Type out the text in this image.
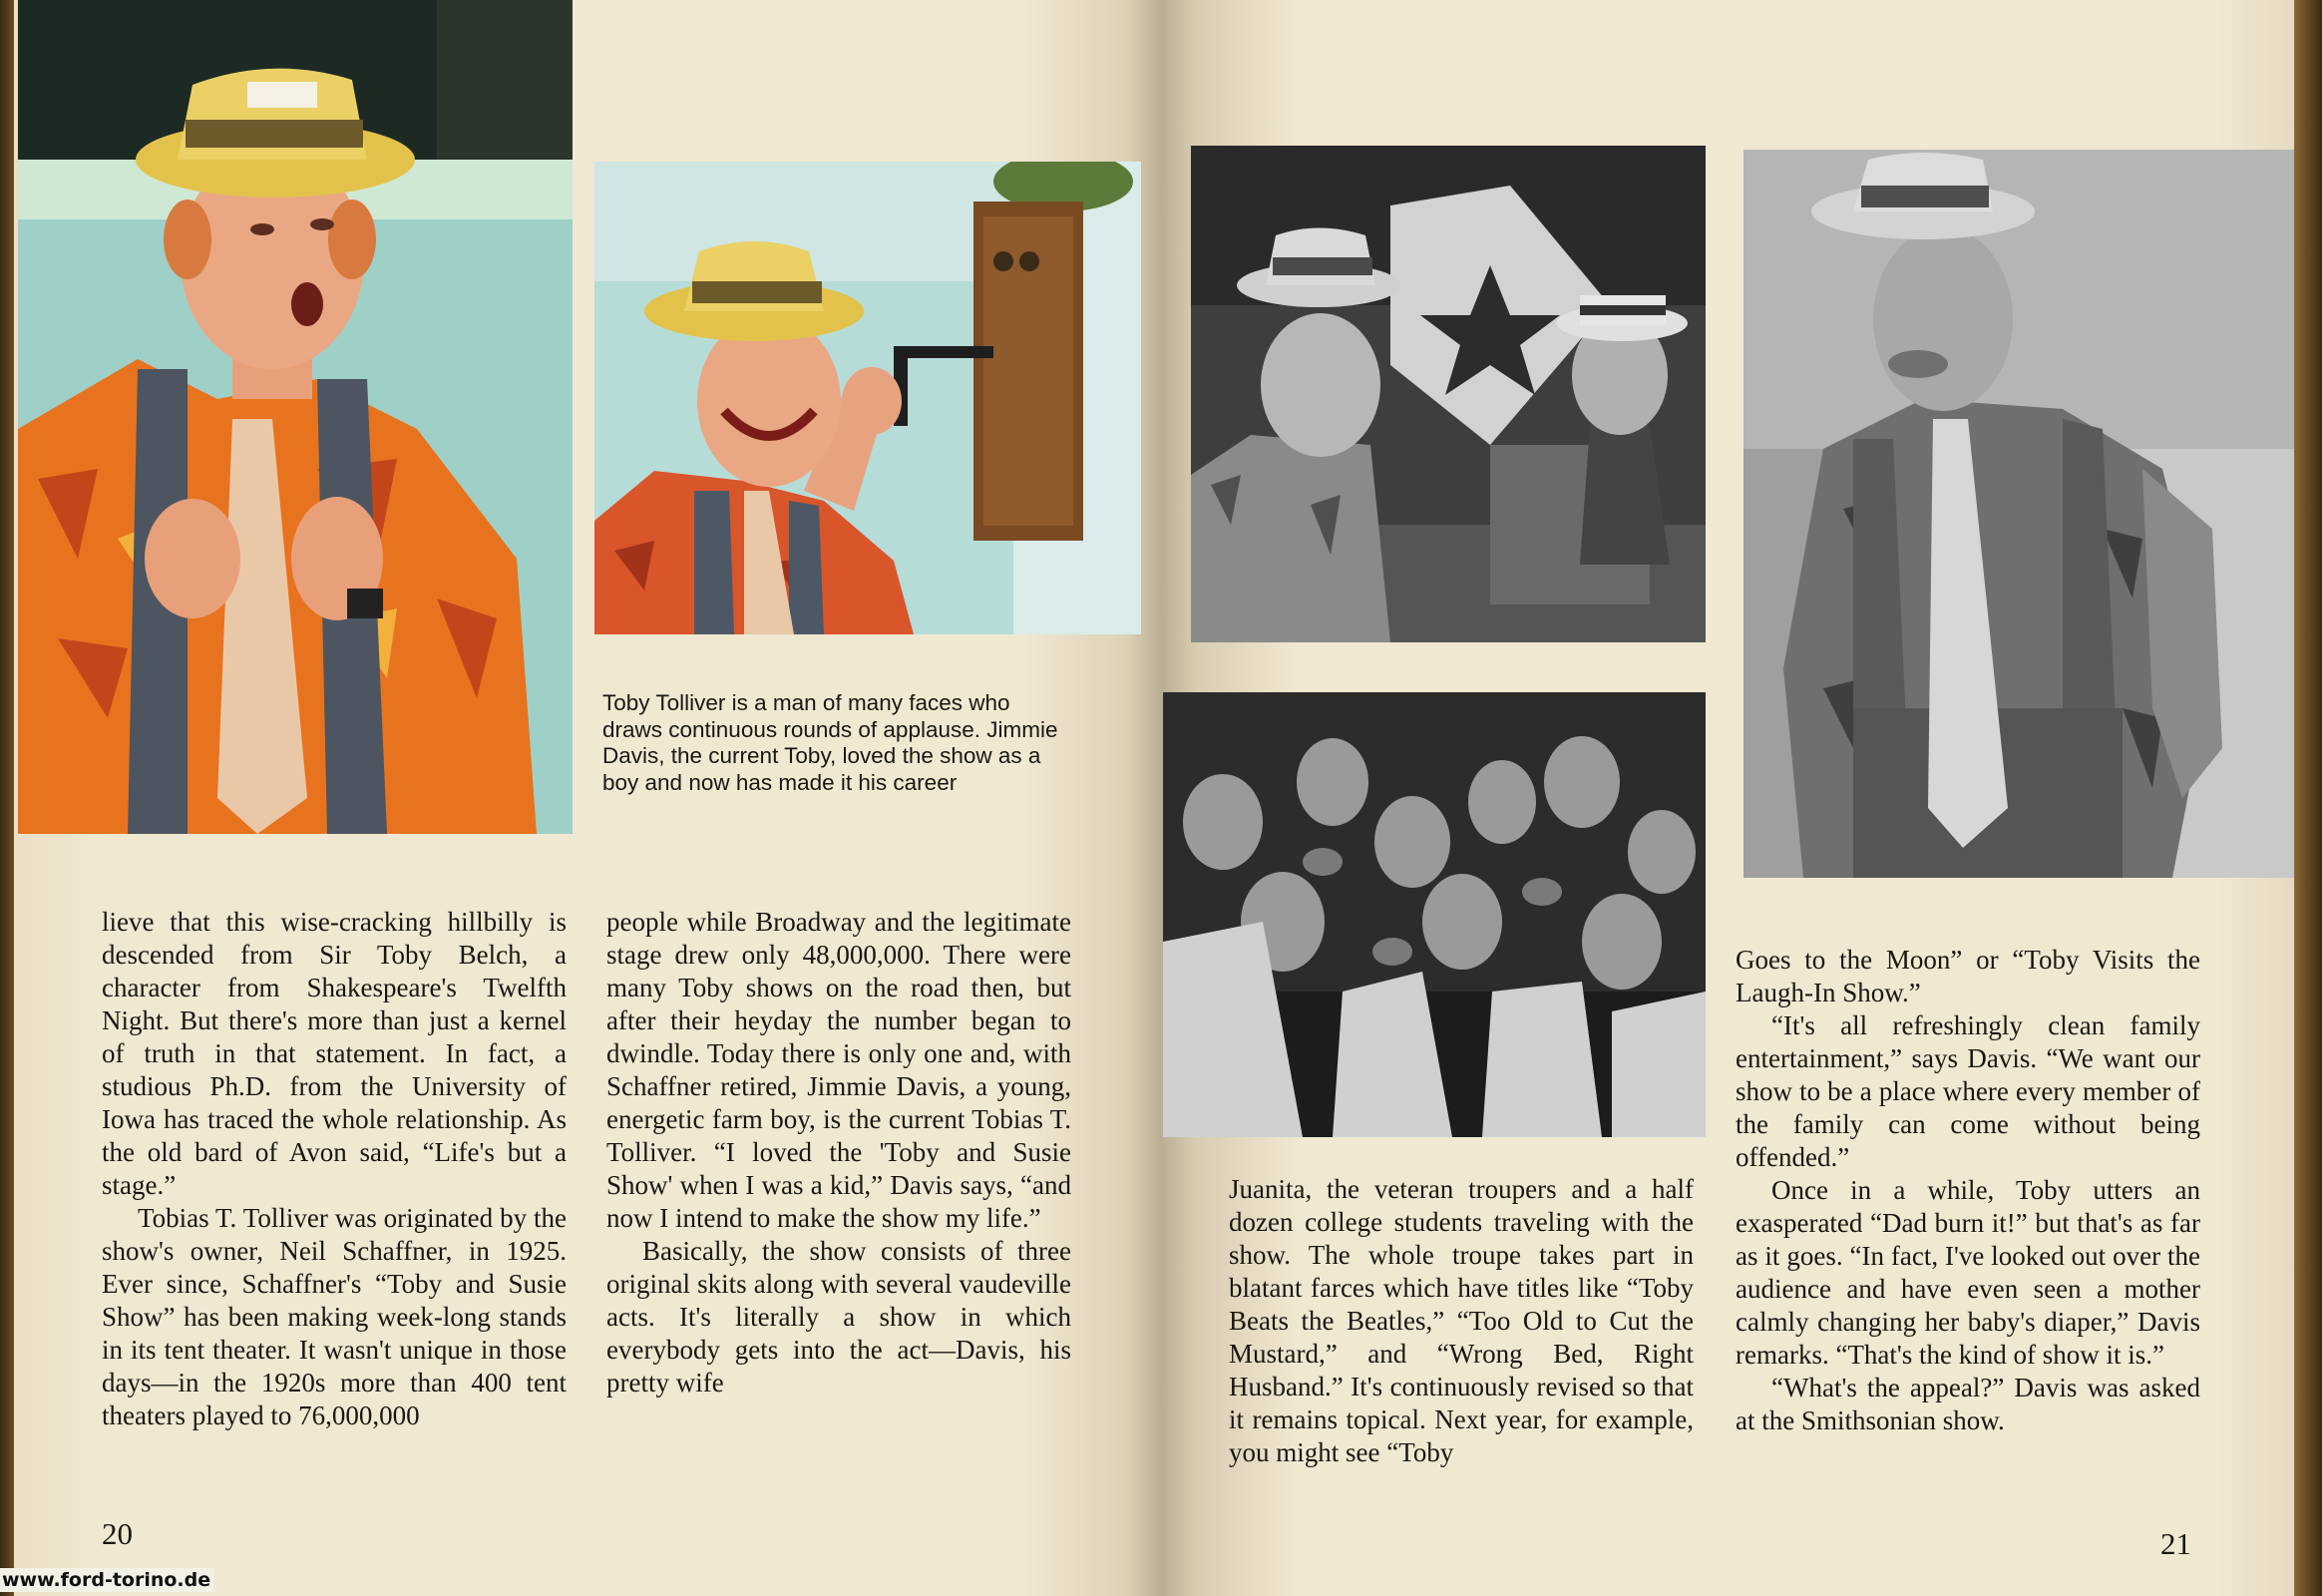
Toby Tolliver is a man of many faces who draws continuous rounds of applause. Jimmie Davis, the current Toby, loved the show as a boy and now has made it his career

lieve that this wise-cracking hillbilly is descended from Sir Toby Belch, a character from Shakespeare's Twelfth Night. But there's more than just a kernel of truth in that statement. In fact, a studious Ph.D. from the University of Iowa has traced the whole relationship. As the old bard of Avon said, “Life's but a stage.”

Tobias T. Tolliver was originated by the show's owner, Neil Schaffner, in 1925. Ever since, Schaffner's “Toby and Susie Show” has been making week-long stands in its tent theater. It wasn't unique in those days—in the 1920s more than 400 tent theaters played to 76,000,000

people while Broadway and the legitimate stage drew only 48,000,000. There were many Toby shows on the road then, but after their heyday the number began to dwindle. Today there is only one and, with Schaffner retired, Jimmie Davis, a young, energetic farm boy, is the current Tobias T. Tolliver. “I loved the 'Toby and Susie Show' when I was a kid,” Davis says, “and now I intend to make the show my life.”

Basically, the show consists of three original skits along with several vaudeville acts. It's literally a show in which everybody gets into the act—Davis, his pretty wife

20

Juanita, the veteran troupers and a half dozen college students traveling with the show. The whole troupe takes part in blatant farces which have titles like “Toby Beats the Beatles,” “Too Old to Cut the Mustard,” and “Wrong Bed, Right Husband.” It's continuously revised so that it remains topical. Next year, for example, you might see “Toby

Goes to the Moon” or “Toby Visits the Laugh-In Show.”

“It's all refreshingly clean family entertainment,” says Davis. “We want our show to be a place where every member of the family can come without being offended.”

Once in a while, Toby utters an exasperated “Dad burn it!” but that's as far as it goes. “In fact, I've looked out over the audience and have even seen a mother calmly changing her baby's diaper,” Davis remarks. “That's the kind of show it is.”

“What's the appeal?” Davis was asked at the Smithsonian show.

21
www.ford-torino.de
